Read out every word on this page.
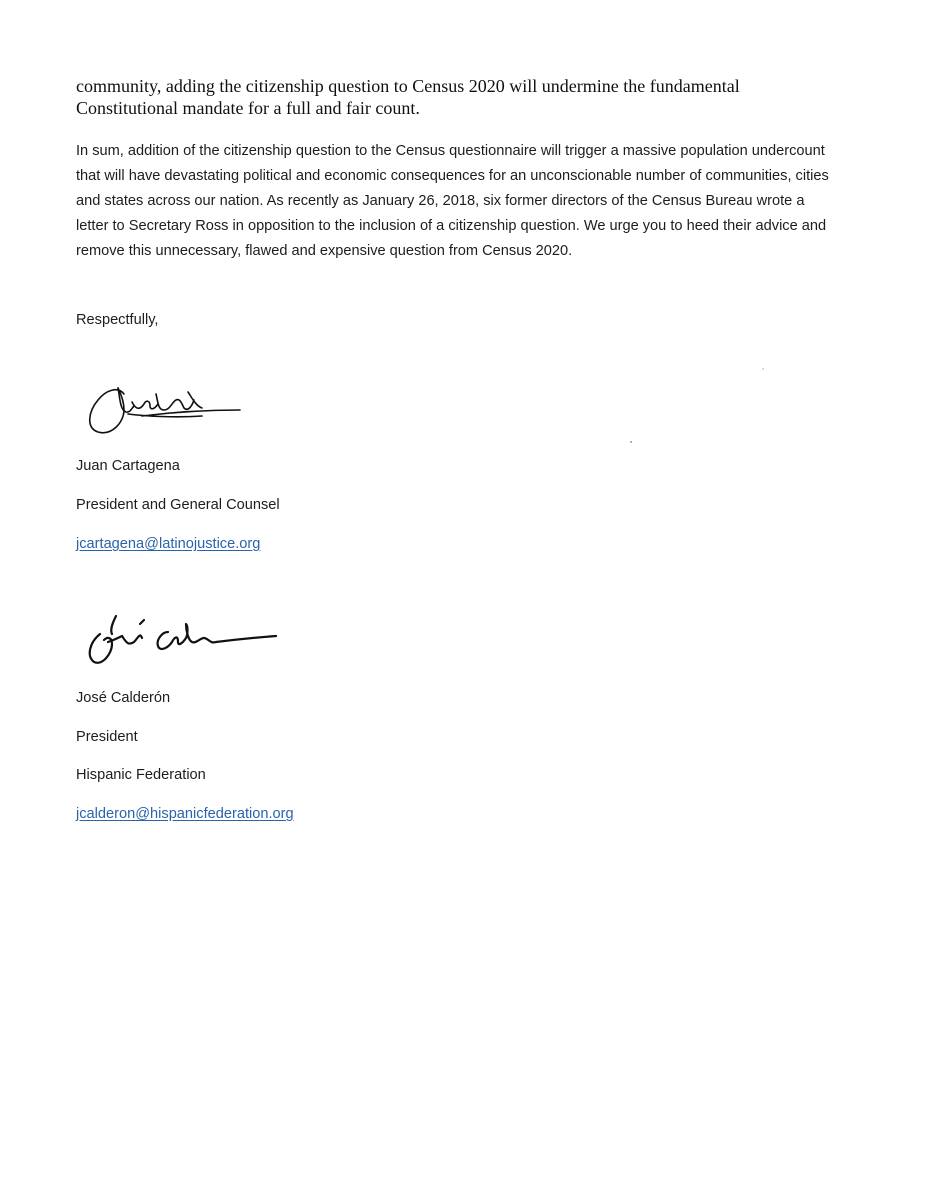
community, adding the citizenship question to Census 2020 will undermine the fundamental Constitutional mandate for a full and fair count.

In sum, addition of the citizenship question to the Census questionnaire will trigger a massive population undercount that will have devastating political and economic consequences for an unconscionable number of communities, cities and states across our nation. As recently as January 26, 2018, six former directors of the Census Bureau wrote a letter to Secretary Ross in opposition to the inclusion of a citizenship question. We urge you to heed their advice and remove this unnecessary, flawed and expensive question from Census 2020.

Respectfully,

Juan Cartagena

President and General Counsel

jcartagena@latinojustice.org

José Calderón

President

Hispanic Federation

jcalderon@hispanicfederation.org
